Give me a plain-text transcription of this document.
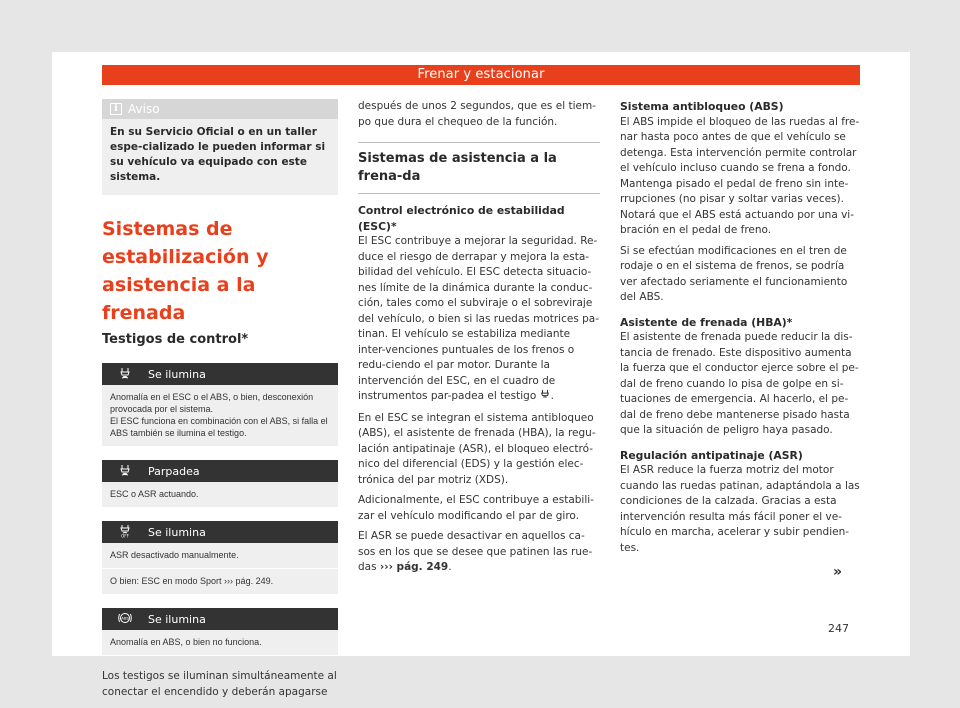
Frenar y estacionar
i Aviso
En su Servicio Oficial o en un taller espe-cializado le pueden informar si su vehículo va equipado con este sistema.
Sistemas de estabilización y asistencia a la frenada
Testigos de control*
Se ilumina
Anomalía en el ESC o el ABS, o bien, desconexión provocada por el sistema.
El ESC funciona en combinación con el ABS, si falla el ABS también se ilumina el testigo.
Parpadea
ESC o ASR actuando.
OFF Se ilumina
ASR desactivado manualmente.
O bien: ESC en modo Sport ››› pág. 249.
ABS Se ilumina
Anomalía en ABS, o bien no funciona.
Los testigos se iluminan simultáneamente al conectar el encendido y deberán apagarse
después de unos 2 segundos, que es el tiem-po que dura el chequeo de la función.
Sistemas de asistencia a la frena-da
Control electrónico de estabilidad (ESC)*
El ESC contribuye a mejorar la seguridad. Re-duce el riesgo de derrapar y mejora la esta-bilidad del vehículo. El ESC detecta situacio-nes límite de la dinámica durante la conduc-ción, tales como el subviraje o el sobreviraje del vehículo, o bien si las ruedas motrices pa-tinan. El vehículo se estabiliza mediante inter-venciones puntuales de los frenos o redu-ciendo el par motor. Durante la intervención del ESC, en el cuadro de instrumentos par-padea el testigo .
En el ESC se integran el sistema antibloqueo (ABS), el asistente de frenada (HBA), la regu-lación antipatinaje (ASR), el bloqueo electró-nico del diferencial (EDS) y la gestión elec-trónica del par motriz (XDS).
Adicionalmente, el ESC contribuye a estabili-zar el vehículo modificando el par de giro.
El ASR se puede desactivar en aquellos ca-sos en los que se desee que patinen las rue-das ››› pág. 249.
Sistema antibloqueo (ABS)
El ABS impide el bloqueo de las ruedas al fre-nar hasta poco antes de que el vehículo se detenga. Esta intervención permite controlar el vehículo incluso cuando se frena a fondo. Mantenga pisado el pedal de freno sin inte-rrupciones (no pisar y soltar varias veces). Notará que el ABS está actuando por una vi-bración en el pedal de freno.
Si se efectúan modificaciones en el tren de rodaje o en el sistema de frenos, se podría ver afectado seriamente el funcionamiento del ABS.
Asistente de frenada (HBA)*
El asistente de frenada puede reducir la dis-tancia de frenado. Este dispositivo aumenta la fuerza que el conductor ejerce sobre el pe-dal de freno cuando lo pisa de golpe en si-tuaciones de emergencia. Al hacerlo, el pe-dal de freno debe mantenerse pisado hasta que la situación de peligro haya pasado.
Regulación antipatinaje (ASR)
El ASR reduce la fuerza motriz del motor cuando las ruedas patinan, adaptándola a las condiciones de la calzada. Gracias a esta intervención resulta más fácil poner el ve-hículo en marcha, acelerar y subir pendien-tes.
»
247
